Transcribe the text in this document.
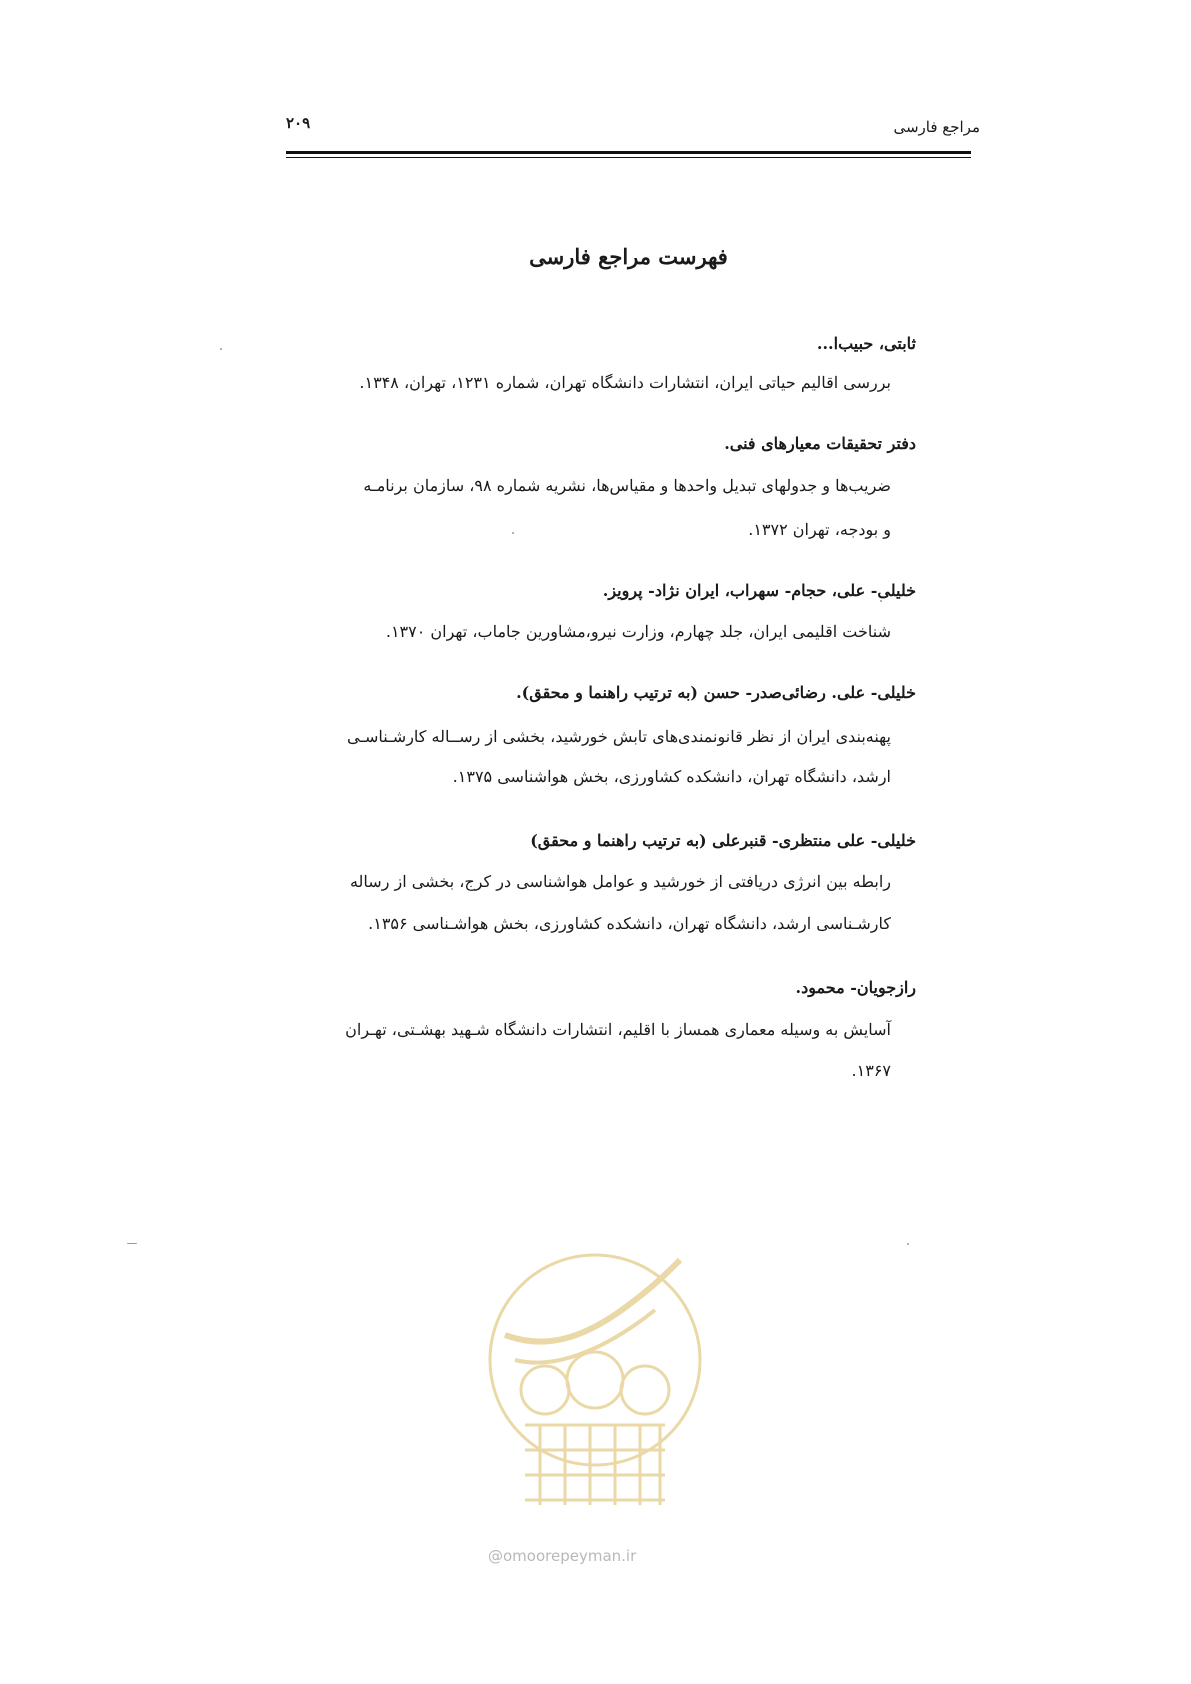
مراجع فارسی
۲۰۹
فهرست مراجع فارسی
ثابتی، حبیب‌ا...
بررسی اقالیم حیاتی ایران، انتشارات دانشگاه تهران، شماره ۱۲۳۱، تهران، ۱۳۴۸.
دفتر تحقیقات معیارهای فنی.
ضریب‌ها و جدولهای تبدیل واحدها و مقیاس‌ها، نشریه شماره ۹۸، سازمان برنامـه
و بودجه، تهران ۱۳۷۲.
خلیلی- علی، حجام- سهراب، ایران نژاد- پرویز.
شناخت اقلیمی ایران، جلد چهارم، وزارت نیرو،مشاورین جاماب، تهران ۱۳۷۰.
خلیلی- علی. رضائی‌صدر- حسن (به ترتیب راهنما و محقق).
پهنه‌بندی ایران از نظر قانونمندی‌های تابش خورشید، بخشی از رســاله کارشـناسـی
ارشد، دانشگاه تهران، دانشکده کشاورزی، بخش هواشناسی ۱۳۷۵.
خلیلی- علی منتظری- قنبرعلی (به ترتیب راهنما و محقق)
رابطه بین انرژی دریافتی از خورشید و عوامل هواشناسی در کرج، بخشی از رساله
کارشـناسی ارشد، دانشگاه تهران، دانشکده کشاورزی، بخش هواشـناسی ۱۳۵۶.
رازجویان- محمود.
آسایش به وسیله معماری همساز با اقلیم، انتشارات دانشگاه شـهید بهشـتی، تهـران
۱۳۶۷.
@omoorepeyman.ir
